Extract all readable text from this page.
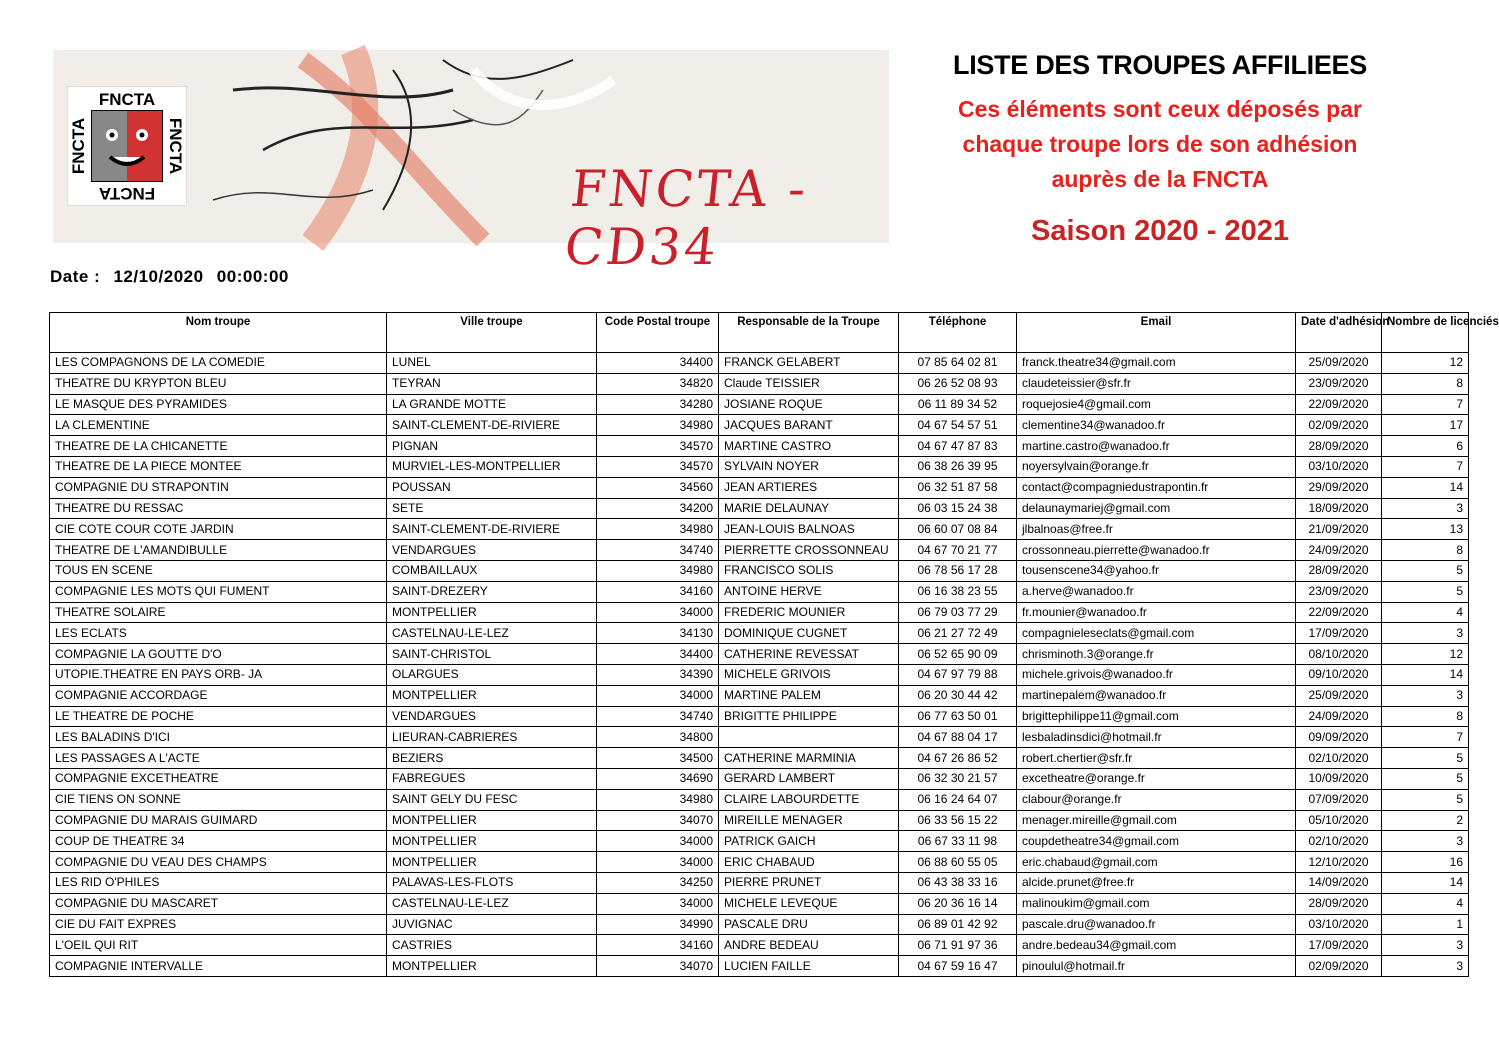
FNCTA
FNCTA
FNCTA	FNCTA
FNCTA - CD34
LISTE DES TROUPES AFFILIEES
Ces éléments sont ceux déposés par
chaque troupe lors de son adhésion
auprès de la FNCTA
Saison 2020 - 2021
Date : 12/10/2020 00:00:00
Nom troupe	Ville troupe	Code Postal troupe	Responsable de la Troupe	Téléphone	Email	Date d'adhésion	Nombre de licenciés
LES COMPAGNONS DE LA COMEDIE	LUNEL	34400	FRANCK GELABERT	07 85 64 02 81	franck.theatre34@gmail.com	25/09/2020	12
THEATRE DU KRYPTON BLEU	TEYRAN	34820	Claude TEISSIER	06 26 52 08 93	claudeteissier@sfr.fr	23/09/2020	8
LE MASQUE DES PYRAMIDES	LA GRANDE MOTTE	34280	JOSIANE ROQUE	06 11 89 34 52	roquejosie4@gmail.com	22/09/2020	7
LA CLEMENTINE	SAINT-CLEMENT-DE-RIVIERE	34980	JACQUES BARANT	04 67 54 57 51	clementine34@wanadoo.fr	02/09/2020	17
THEATRE DE LA CHICANETTE	PIGNAN	34570	MARTINE CASTRO	04 67 47 87 83	martine.castro@wanadoo.fr	28/09/2020	6
THEATRE DE LA PIECE MONTEE	MURVIEL-LES-MONTPELLIER	34570	SYLVAIN NOYER	06 38 26 39 95	noyersylvain@orange.fr	03/10/2020	7
COMPAGNIE DU STRAPONTIN	POUSSAN	34560	JEAN ARTIERES	06 32 51 87 58	contact@compagniedustrapontin.fr	29/09/2020	14
THEATRE DU RESSAC	SETE	34200	MARIE DELAUNAY	06 03 15 24 38	delaunaymariej@gmail.com	18/09/2020	3
CIE COTE COUR COTE JARDIN	SAINT-CLEMENT-DE-RIVIERE	34980	JEAN-LOUIS BALNOAS	06 60 07 08 84	jlbalnoas@free.fr	21/09/2020	13
THEATRE DE L'AMANDIBULLE	VENDARGUES	34740	PIERRETTE CROSSONNEAU	04 67 70 21 77	crossonneau.pierrette@wanadoo.fr	24/09/2020	8
TOUS EN SCENE	COMBAILLAUX	34980	FRANCISCO SOLIS	06 78 56 17 28	tousenscene34@yahoo.fr	28/09/2020	5
COMPAGNIE LES MOTS QUI FUMENT	SAINT-DREZERY	34160	ANTOINE HERVE	06 16 38 23 55	a.herve@wanadoo.fr	23/09/2020	5
THEATRE SOLAIRE	MONTPELLIER	34000	FREDERIC MOUNIER	06 79 03 77 29	fr.mounier@wanadoo.fr	22/09/2020	4
LES ECLATS	CASTELNAU-LE-LEZ	34130	DOMINIQUE CUGNET	06 21 27 72 49	compagnieleseclats@gmail.com	17/09/2020	3
COMPAGNIE LA GOUTTE D'O	SAINT-CHRISTOL	34400	CATHERINE REVESSAT	06 52 65 90 09	chrisminoth.3@orange.fr	08/10/2020	12
UTOPIE.THEATRE EN PAYS ORB- JA	OLARGUES	34390	MICHELE GRIVOIS	04 67 97 79 88	michele.grivois@wanadoo.fr	09/10/2020	14
COMPAGNIE ACCORDAGE	MONTPELLIER	34000	MARTINE PALEM	06 20 30 44 42	martinepalem@wanadoo.fr	25/09/2020	3
LE THEATRE DE POCHE	VENDARGUES	34740	BRIGITTE PHILIPPE	06 77 63 50 01	brigittephilippe11@gmail.com	24/09/2020	8
LES BALADINS D'ICI	LIEURAN-CABRIERES	34800		04 67 88 04 17	lesbaladinsdici@hotmail.fr	09/09/2020	7
LES PASSAGES A L'ACTE	BEZIERS	34500	CATHERINE MARMINIA	04 67 26 86 52	robert.chertier@sfr.fr	02/10/2020	5
COMPAGNIE EXCETHEATRE	FABREGUES	34690	GERARD LAMBERT	06 32 30 21 57	excetheatre@orange.fr	10/09/2020	5
CIE TIENS ON SONNE	SAINT GELY DU FESC	34980	CLAIRE LABOURDETTE	06 16 24 64 07	clabour@orange.fr	07/09/2020	5
COMPAGNIE DU MARAIS GUIMARD	MONTPELLIER	34070	MIREILLE MENAGER	06 33 56 15 22	menager.mireille@gmail.com	05/10/2020	2
COUP DE THEATRE 34	MONTPELLIER	34000	PATRICK GAICH	06 67 33 11 98	coupdetheatre34@gmail.com	02/10/2020	3
COMPAGNIE DU VEAU DES CHAMPS	MONTPELLIER	34000	ERIC CHABAUD	06 88 60 55 05	eric.chabaud@gmail.com	12/10/2020	16
LES RID O'PHILES	PALAVAS-LES-FLOTS	34250	PIERRE PRUNET	06 43 38 33 16	alcide.prunet@free.fr	14/09/2020	14
COMPAGNIE DU MASCARET	CASTELNAU-LE-LEZ	34000	MICHELE LEVEQUE	06 20 36 16 14	malinoukim@gmail.com	28/09/2020	4
CIE DU FAIT EXPRES	JUVIGNAC	34990	PASCALE DRU	06 89 01 42 92	pascale.dru@wanadoo.fr	03/10/2020	1
L'OEIL QUI RIT	CASTRIES	34160	ANDRE BEDEAU	06 71 91 97 36	andre.bedeau34@gmail.com	17/09/2020	3
COMPAGNIE INTERVALLE	MONTPELLIER	34070	LUCIEN FAILLE	04 67 59 16 47	pinoulul@hotmail.fr	02/09/2020	3
